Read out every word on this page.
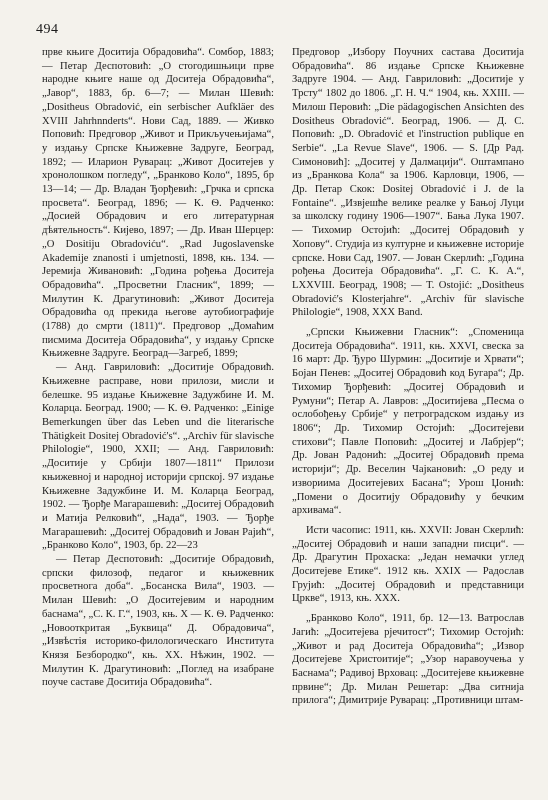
494

прве књиге Доситија Обрадовића“. Сомбор, 1883; — Петар Деспотовић: „О стогодишњици прве народне књиге наше од Доситеја Обрадовића“, „Јавор“, 1883, бр. 6—7; — Милан Шевић: „Dositheus Obradović, ein serbischer Aufkläer des XVIII Jahrhnnderts“. Нови Сад, 1889. — Живко Поповић: Предговор „Живот и Прикључењијама“, у издању Српске Књижевне Задруге, Београд, 1892; — Иларион Руварац: „Живот Доситејев у хронолошком погледу“, „Бранково Коло“, 1895, бр 13—14; — Др. Владан Ђорђевић: „Грчка и српска просвета“. Београд, 1896; — К. Ѳ. Радченко: „Досией Обрадович и его литературная дѣятельность“. Кијево, 1897; — Др. Иван Шерцер: „О Dositiju Obradoviću“. „Rad Jugoslavenske Akademije znanosti i umjetnosti, 1898, књ. 134. — Јеремија Живановић: „Година рођења Доситеја Обрадовића“. „Просветни Гласник“, 1899; — Милутин К. Драгутиновић: „Живот Доситеја Обрадовића од прекида његове аутобиографије (1788) до смрти (1811)“. Предговор „Домаћим писмима Доситеја Обрадовића“, у издању Српске Књижевне Задруге. Београд—Загреб, 1899;

— Анд. Гавриловић: „Доситије Обрадовић. Књижевне расправе, нови прилози, мисли и белешке. 95 издање Књижевне Задужбине И. М. Коларца. Београд. 1900; — К. Ѳ. Радченко: „Einige Bemerkungen über das Leben und die literarische Thätigkeit Dositej Obradović's“. „Archiv für slavische Philologie“, 1900, XXII; — Анд. Гавриловић: „Доситије у Србији 1807—1811“ Прилози књижевној и народној историји српској. 97 издање Књижевне Задужбине И. М. Коларца Београд, 1902. — Ђорђе Магарашевић: „Доситеј Обрадовић и Матија Релковић“, „Нада“, 1903. — Ђорђе Магарашевић: „Доситеј Обрадовић и Јован Рајић“, „Бранково Коло“, 1903, бр. 22—23

— Петар Деспотовић: „Доситије Обрадовић, српски филозоф, педагог и књижевник просветнога доба“. „Босанска Вила“, 1903. — Милан Шевић: „О Доситејевим и народним баснама“, „С. К. Г.“, 1903, књ. X — К. Ѳ. Радченко: „Новооткритая „Буквица“ Д. Обрадовича“, „Извѣстiя историко-филологическаго Института Князя Безбородко“, књ. XX. Нѣжин, 1902. — Милутин К. Драгутиновић: „Поглед на изабране поуче саставе Доситија Обрадовића“.

Предговор „Избору Поучних састава Доситија Обрадовића“. 86 издање Српске Књижевне Задруге 1904. — Анд. Гавриловић: „Доситије у Трсту“ 1802 до 1806. „Г. Н. Ч.“ 1904, књ. XXIII. — Милош Перовић: „Die pädagogischen Ansichten des Dositheus Obradović“. Београд, 1906. — Д. С. Поповић: „D. Obradović et l'instruction publique en Serbie“. „La Revue Slave“, 1906. — S. [Др Рад. Симоновић]: „Доситеј у Далмацији“. Оштампано из „Бранкова Кола“ за 1906. Карловци, 1906, — Др. Петар Скок: Dositej Obradović i J. de la Fontaine“. „Извјешће велике реалке у Бањој Луци за школску годину 1906—1907“. Бања Лука 1907. — Тихомир Остојић: „Доситеј Обрадовић у Хопову“. Студија из културне и књижевне историје српске. Нови Сад, 1907. — Јован Скерлић: „Година рођења Доситеја Обрадовића“. „Г. С. К. А.“, LXXVIII. Београд, 1908; — Т. Ostojić: „Dositheus Obradović's Klosterjahre“. „Archiv für slavische Philologie“, 1908, XXX Band.

„Српски Књижевни Гласник“: „Споменица Доситеја Обрадовића“. 1911, књ. XXVI, свеска за 16 март: Др. Ђуро Шурмин: „Доситије и Хрвати“; Бојан Пенев: „Доситеј Обрадовић код Бугара“; Др. Тихомир Ђорђевић: „Доситеј Обрадовић и Румуни“; Петар А. Лавров: „Доситијева „Песма о ослобођењу Србије“ у петроградском издању из 1806“; Др. Тихомир Остојић: „Доситејеви стихови“; Павле Поповић: „Доситеј и Лабрјер“; Др. Јован Радонић: „Доситеј Обрадовић према историји“; Др. Веселин Чајкановић: „О реду и извориима Доситејевих Басана“; Урош Џонић: „Помени о Доситију Обрадовићу у бечким архивама“.

Исти часопис: 1911, књ. XXVII: Јован Скерлић: „Доситеј Обрадовић и наши западни писци“. — Др. Драгутин Прохаска: „Један немачки углед Доситејеве Етике“. 1912 књ. XXIX — Радослав Грујић: „Доситеј Обрадовић и представници Цркве“, 1913, књ. XXX.

„Бранково Коло“, 1911, бр. 12—13. Ватрослав Јагић: „Доситејева рјечитост“; Тихомир Остојић: „Живот и рад Доситеја Обрадовића“; „Извор Доситејеве Христоитије“; „Узор наравоучења у Баснама“; Радивој Врховац: „Доситејеве књижевне првине“; Др. Милан Решетар: „Два ситнија прилога“; Димитрије Руварац: „Противници штам-
